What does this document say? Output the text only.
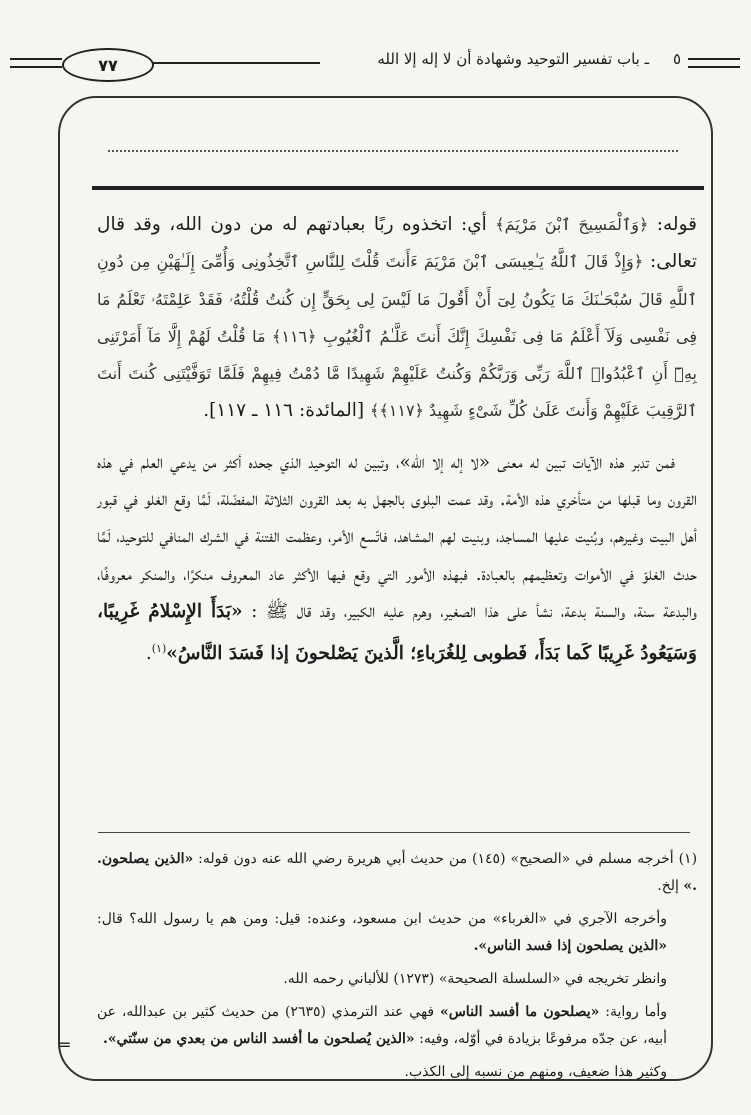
٧٧	ـ باب تفسير التوحيد وشهادة أن لا إله إلا الله ٥

قوله: ﴿وَٱلْمَسِيحَ ٱبْنَ مَرْيَمَ﴾ أي: اتخذوه ربًا بعبادتهم له من دون الله، وقد قال تعالى: ﴿وَإِذْ قَالَ ٱللَّهُ يَـٰعِيسَى ٱبْنَ مَرْيَمَ ءَأَنتَ قُلْتَ لِلنَّاسِ ٱتَّخِذُونِى وَأُمِّىَ إِلَـٰهَيْنِ مِن دُونِ ٱللَّهِ قَالَ سُبْحَـٰنَكَ مَا يَكُونُ لِىٓ أَنْ أَقُولَ مَا لَيْسَ لِى بِحَقٍّ إِن كُنتُ قُلْتُهُۥ فَقَدْ عَلِمْتَهُۥ تَعْلَمُ مَا فِى نَفْسِى وَلَآ أَعْلَمُ مَا فِى نَفْسِكَ إِنَّكَ أَنتَ عَلَّـٰمُ ٱلْغُيُوبِ ﴿١١٦﴾ مَا قُلْتُ لَهُمْ إِلَّا مَآ أَمَرْتَنِى بِهِۦٓ أَنِ ٱعْبُدُوا۟ ٱللَّهَ رَبِّى وَرَبَّكُمْ وَكُنتُ عَلَيْهِمْ شَهِيدًا مَّا دُمْتُ فِيهِمْ فَلَمَّا تَوَفَّيْتَنِى كُنتَ أَنتَ ٱلرَّقِيبَ عَلَيْهِمْ وَأَنتَ عَلَىٰ كُلِّ شَىْءٍ شَهِيدٌ ﴿١١٧﴾﴾ [المائدة: ١١٦ ـ ١١٧].

فمن تدبر هذه الآيات تبين له معنى «لا إله إلا الله»، وتبين له التوحيد الذي جحده أكثر من يدعي العلم في هذه القرون وما قبلها من متأخري هذه الأمة. وقد عمت البلوى بالجهل به بعد القرون الثلاثة المفضّلة، لَمَّا وقع الغلو في قبور أهل البيت وغيرهم، وبُنيت عليها المساجد، وبنيت لهم المشاهد، فاتّسع الأمر، وعظمت الفتنة في الشرك المنافي للتوحيد، لَمَّا حدث الغلوّ في الأموات وتعظيمهم بالعبادة. فبهذه الأمور التي وقع فيها الأكثر عاد المعروف منكرًا، والمنكر معروفًا، والبدعة سنة، والسنة بدعة، نشأ على هذا الصغير، وهرم عليه الكبير، وقد قال ﷺ : «بَدَأَ الإِسْلامُ غَرِيبًا، وَسَيَعُودُ غَرِيبًا كَما بَدَأَ، فَطوبى لِلغُرَباءِ؛ الَّذينَ يَصْلحونَ إذا فَسَدَ النَّاسُ»$^{(١)}$.

(١) أخرجه مسلم في «الصحيح» (١٤٥) من حديث أبي هريرة رضي الله عنه دون قوله: «الذين يصلحون. .» إلخ.

وأخرجه الآجري في «الغرباء» من حديث ابن مسعود، وعنده: قيل: ومن هم يا رسول الله؟ قال: «الذين يصلحون إذا فسد الناس».

وانظر تخريجه في «السلسلة الصحيحة» (١٢٧٣) للألباني رحمه الله.

وأما رواية: «يصلحون ما أفسد الناس» فهي عند الترمذي (٢٦٣٥) من حديث كثير بن عبدالله، عن أبيه، عن جدّه مرفوعًا بزيادة في أوّله، وفيه: «الذين يُصلحون ما أفسد الناس من بعدي من سنّتي».

وكثير هذا ضعيف، ومنهم من نسبه إلى الكذب.

=
